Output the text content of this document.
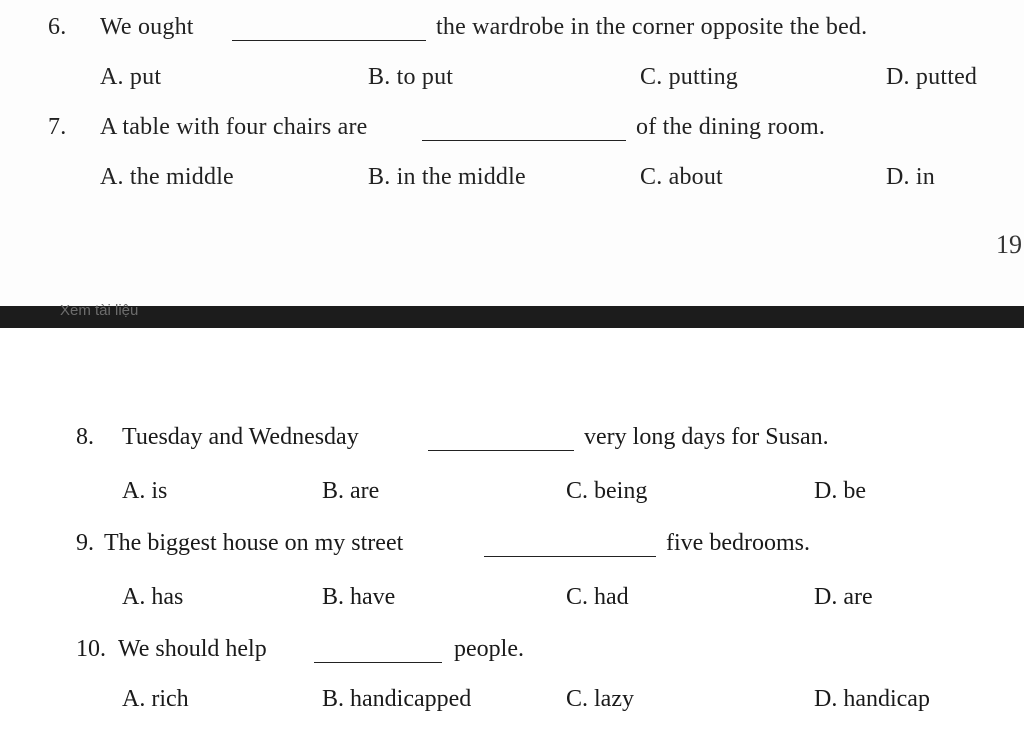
6. We ought	the wardrobe in the corner opposite the bed.
A. put	B. to put	C. putting	D. putted
7. A table with four chairs are	of the dining room.
A. the middle	B. in the middle	C. about	D. in
19
Xem tài liệu
8. Tuesday and Wednesday	very long days for Susan.
A. is	B. are	C. being	D. be
9. The biggest house on my street	five bedrooms.
A. has	B. have	C. had	D. are
10. We should help	people.
A. rich	B. handicapped	C. lazy	D. handicap
